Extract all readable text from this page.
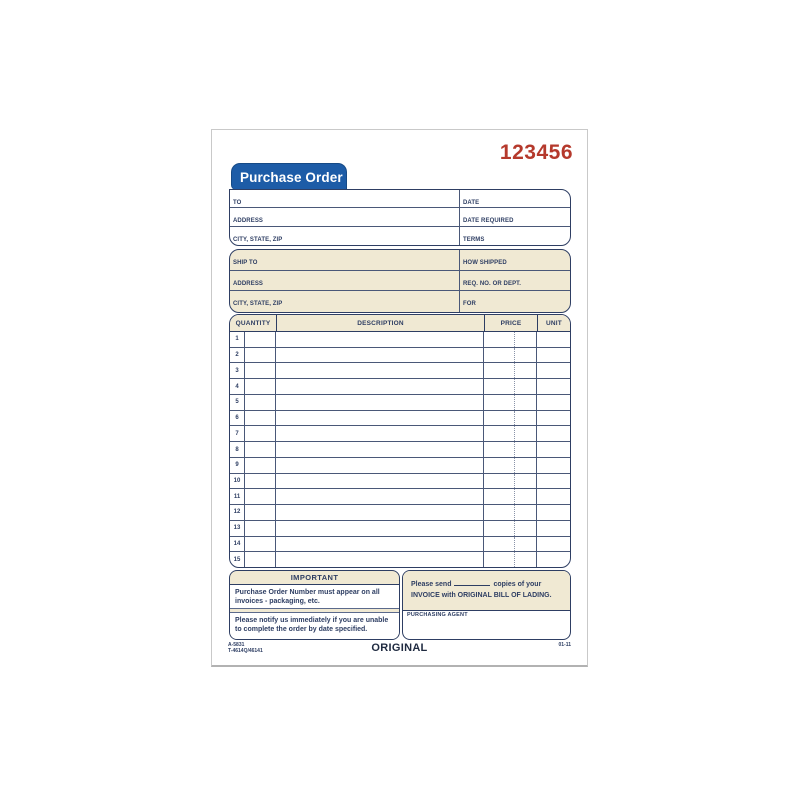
123456
Purchase Order
TO	DATE
ADDRESS	DATE REQUIRED
CITY, STATE, ZIP	TERMS
SHIP TO	HOW SHIPPED
ADDRESS	REQ. NO. OR DEPT.
CITY, STATE, ZIP	FOR
QUANTITY	DESCRIPTION	PRICE	UNIT
1
2
3
4
5
6
7
8
9
10
11
12
13
14
15
IMPORTANT

Purchase Order Number must appear on all invoices - packaging, etc.

Please notify us immediately if you are unable to complete the order by date specified.

Please send	copies of your INVOICE with ORIGINAL BILL OF LADING.
PURCHASING AGENT
A-5831
T-4614Q/46141	ORIGINAL	01-11
